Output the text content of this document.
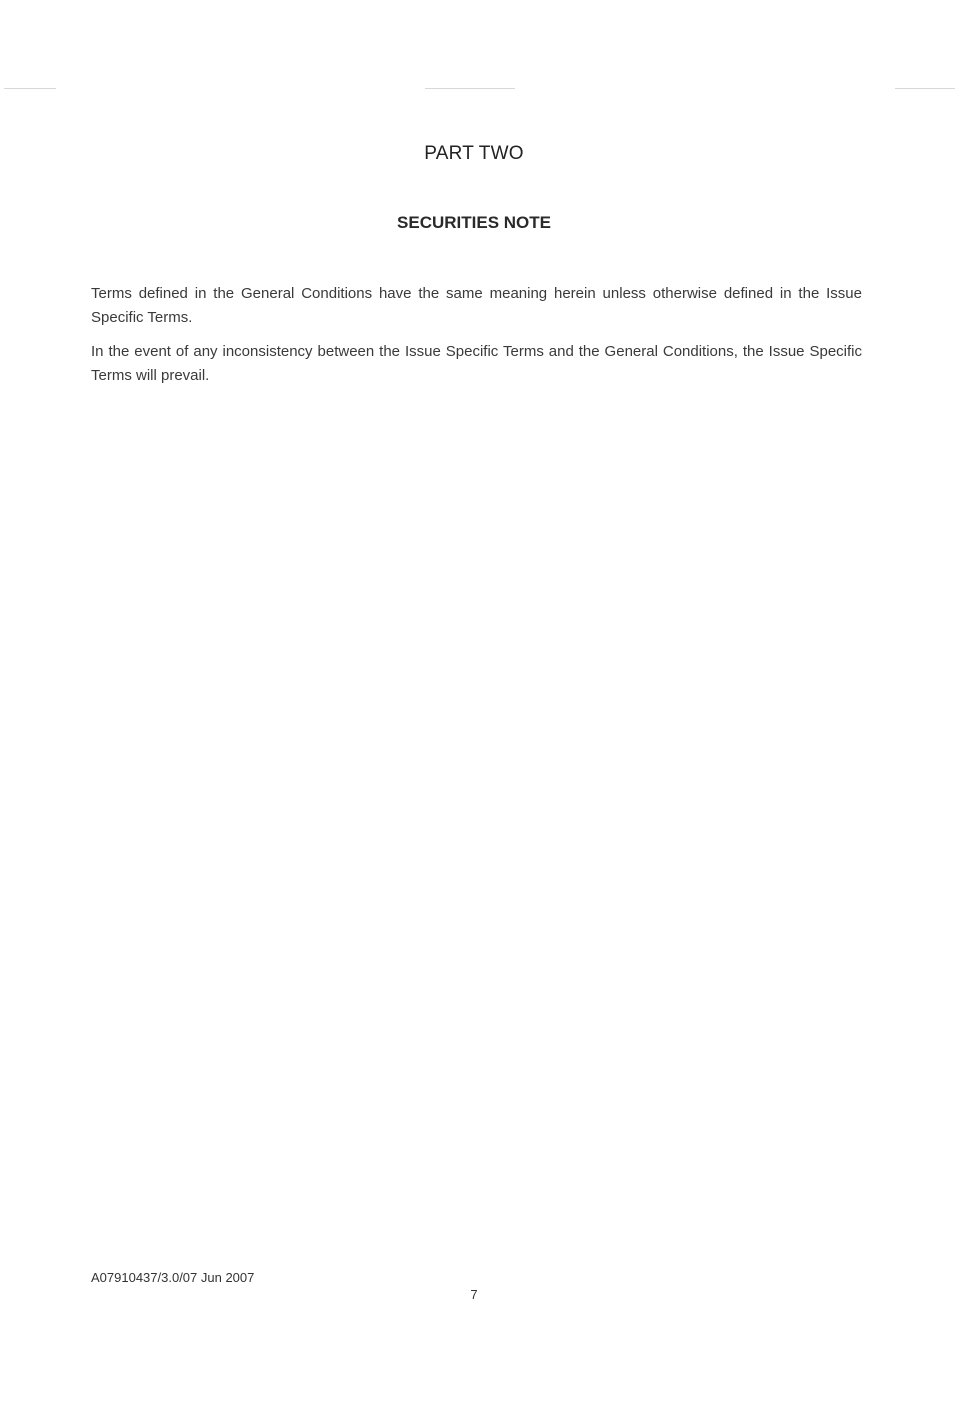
PART TWO
SECURITIES NOTE

Terms defined in the General Conditions have the same meaning herein unless otherwise defined in the Issue Specific Terms.

In the event of any inconsistency between the Issue Specific Terms and the General Conditions, the Issue Specific Terms will prevail.

A07910437/3.0/07 Jun 2007
7
